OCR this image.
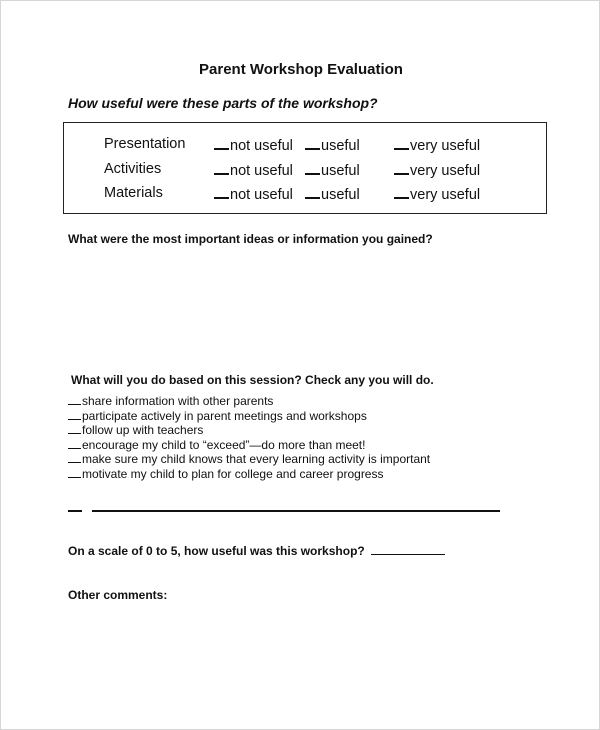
Parent Workshop Evaluation
How useful were these parts of the workshop?
Presentation	not useful	useful	very useful
Activities	not useful	useful	very useful
Materials	not useful	useful	very useful
What were the most important ideas or information you gained?
What will you do based on this session? Check any you will do.
share information with other parents
participate actively in parent meetings and workshops
follow up with teachers
encourage my child to “exceed”—do more than meet!
make sure my child knows that every learning activity is important
motivate my child to plan for college and career progress
On a scale of 0 to 5, how useful was this workshop?
Other comments:
